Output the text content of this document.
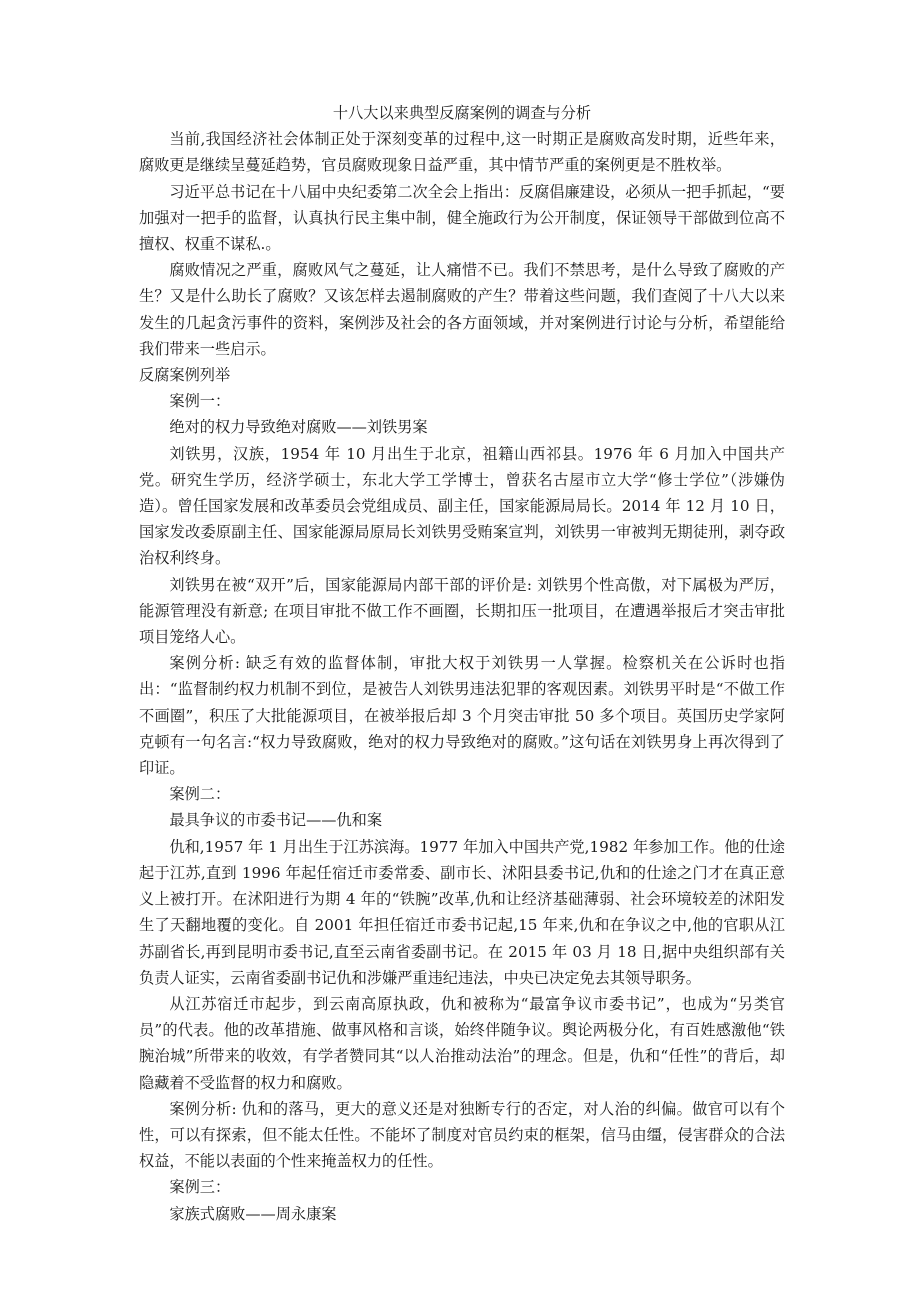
十八大以来典型反腐案例的调查与分析

当前,我国经济社会体制正处于深刻变革的过程中,这一时期正是腐败高发时期，近些年来，腐败更是继续呈蔓延趋势，官员腐败现象日益严重，其中情节严重的案例更是不胜枚举。

习近平总书记在十八届中央纪委第二次全会上指出：反腐倡廉建设，必须从一把手抓起，“要加强对一把手的监督，认真执行民主集中制，健全施政行为公开制度，保证领导干部做到位高不擅权、权重不谋私.。

腐败情况之严重，腐败风气之蔓延，让人痛惜不已。我们不禁思考，是什么导致了腐败的产生？又是什么助长了腐败？又该怎样去遏制腐败的产生？带着这些问题，我们查阅了十八大以来发生的几起贪污事件的资料，案例涉及社会的各方面领域，并对案例进行讨论与分析，希望能给我们带来一些启示。

反腐案例列举

案例一：

绝对的权力导致绝对腐败——刘铁男案

刘铁男，汉族，1954 年 10 月出生于北京，祖籍山西祁县。1976 年 6 月加入中国共产党。研究生学历，经济学硕士，东北大学工学博士，曾获名古屋市立大学“修士学位”（涉嫌伪造）。曾任国家发展和改革委员会党组成员、副主任，国家能源局局长。2014 年 12 月 10 日，国家发改委原副主任、国家能源局原局长刘铁男受贿案宣判，刘铁男一审被判无期徒刑，剥夺政治权利终身。

刘铁男在被“双开”后，国家能源局内部干部的评价是: 刘铁男个性高傲，对下属极为严厉，能源管理没有新意; 在项目审批不做工作不画圈，长期扣压一批项目，在遭遇举报后才突击审批项目笼络人心。

案例分析: 缺乏有效的监督体制，审批大权于刘铁男一人掌握。检察机关在公诉时也指出：“监督制约权力机制不到位，是被告人刘铁男违法犯罪的客观因素。刘铁男平时是“不做工作不画圈”，积压了大批能源项目，在被举报后却 3 个月突击审批 50 多个项目。英国历史学家阿克顿有一句名言:“权力导致腐败，绝对的权力导致绝对的腐败。”这句话在刘铁男身上再次得到了印证。

案例二：

最具争议的市委书记——仇和案

仇和,1957 年 1 月出生于江苏滨海。1977 年加入中国共产党,1982 年参加工作。他的仕途起于江苏,直到 1996 年起任宿迁市委常委、副市长、沭阳县委书记,仇和的仕途之门才在真正意义上被打开。在沭阳进行为期 4 年的“铁腕”改革,仇和让经济基础薄弱、社会环境较差的沭阳发生了天翻地覆的变化。自 2001 年担任宿迁市委书记起,15 年来,仇和在争议之中,他的官职从江苏副省长,再到昆明市委书记,直至云南省委副书记。在 2015 年 03 月 18 日,据中央组织部有关负责人证实，云南省委副书记仇和涉嫌严重违纪违法，中央已决定免去其领导职务。

从江苏宿迁市起步，到云南高原执政，仇和被称为“最富争议市委书记”，也成为“另类官员”的代表。他的改革措施、做事风格和言谈，始终伴随争议。舆论两极分化，有百姓感激他“铁腕治城”所带来的收效，有学者赞同其“以人治推动法治”的理念。但是，仇和“任性”的背后，却隐藏着不受监督的权力和腐败。

案例分析: 仇和的落马，更大的意义还是对独断专行的否定，对人治的纠偏。做官可以有个性，可以有探索，但不能太任性。不能坏了制度对官员约束的框架，信马由缰，侵害群众的合法权益，不能以表面的个性来掩盖权力的任性。

案例三：

家族式腐败——周永康案
